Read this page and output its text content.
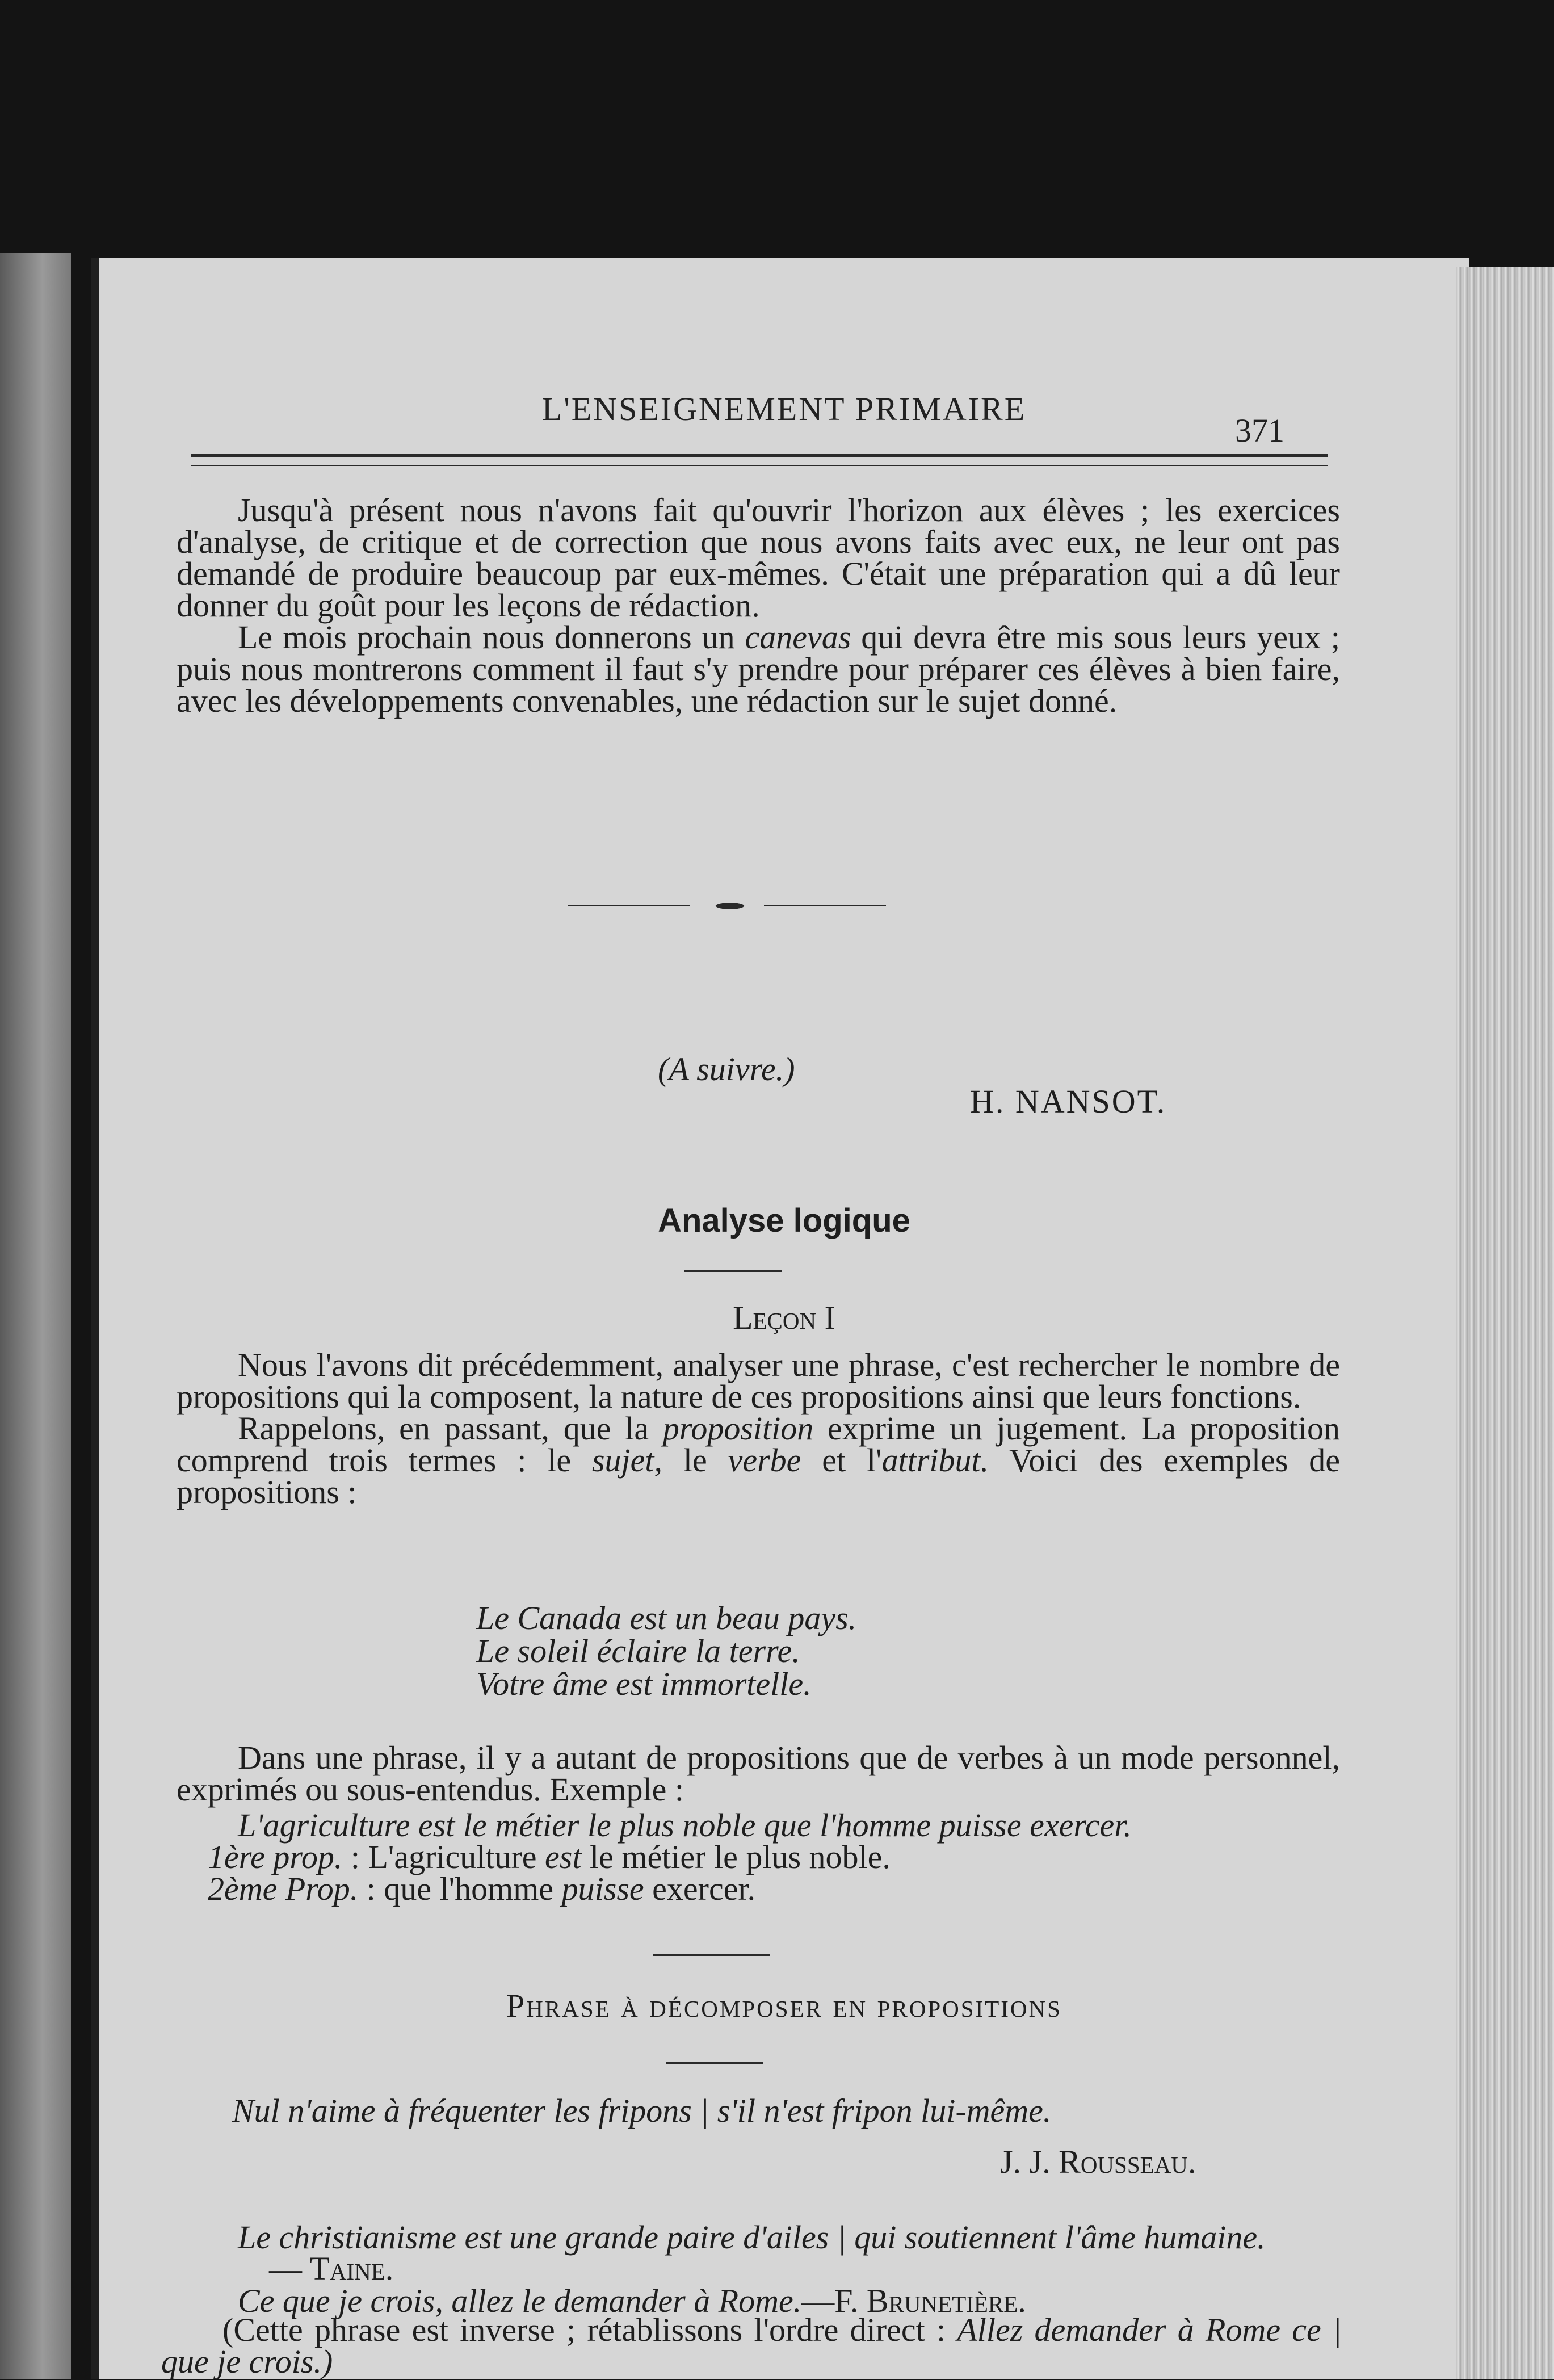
L'ENSEIGNEMENT PRIMAIRE
371

Jusqu'à présent nous n'avons fait qu'ouvrir l'horizon aux élèves ; les exercices d'analyse, de critique et de correction que nous avons faits avec eux, ne leur ont pas demandé de produire beaucoup par eux-mêmes. C'était une préparation qui a dû leur donner du goût pour les leçons de rédaction.

Le mois prochain nous donnerons un canevas qui devra être mis sous leurs yeux ; puis nous montrerons comment il faut s'y prendre pour préparer ces élèves à bien faire, avec les développements convenables, une rédaction sur le sujet donné.

(A suivre.)
H. NANSOT.
Analyse logique
Leçon I

Nous l'avons dit précédemment, analyser une phrase, c'est rechercher le nombre de propositions qui la composent, la nature de ces propositions ainsi que leurs fonctions.

Rappelons, en passant, que la proposition exprime un jugement. La proposition comprend trois termes : le sujet, le verbe et l'attribut. Voici des exemples de propositions :

Le Canada est un beau pays.
Le soleil éclaire la terre.
Votre âme est immortelle.

Dans une phrase, il y a autant de propositions que de verbes à un mode personnel, exprimés ou sous-entendus. Exemple :

L'agriculture est le métier le plus noble que l'homme puisse exercer.
1ère prop. : L'agriculture est le métier le plus noble.
2ème Prop. : que l'homme puisse exercer.
Phrase à décomposer en propositions
Nul n'aime à fréquenter les fripons | s'il n'est fripon lui-même.
J. J. Rousseau.
Le christianisme est une grande paire d'ailes | qui soutiennent l'âme humaine.
— Taine.
Ce que je crois, allez le demander à Rome.—F. Brunetière.

(Cette phrase est inverse ; rétablissons l'ordre direct : Allez demander à Rome ce | que je crois.)
